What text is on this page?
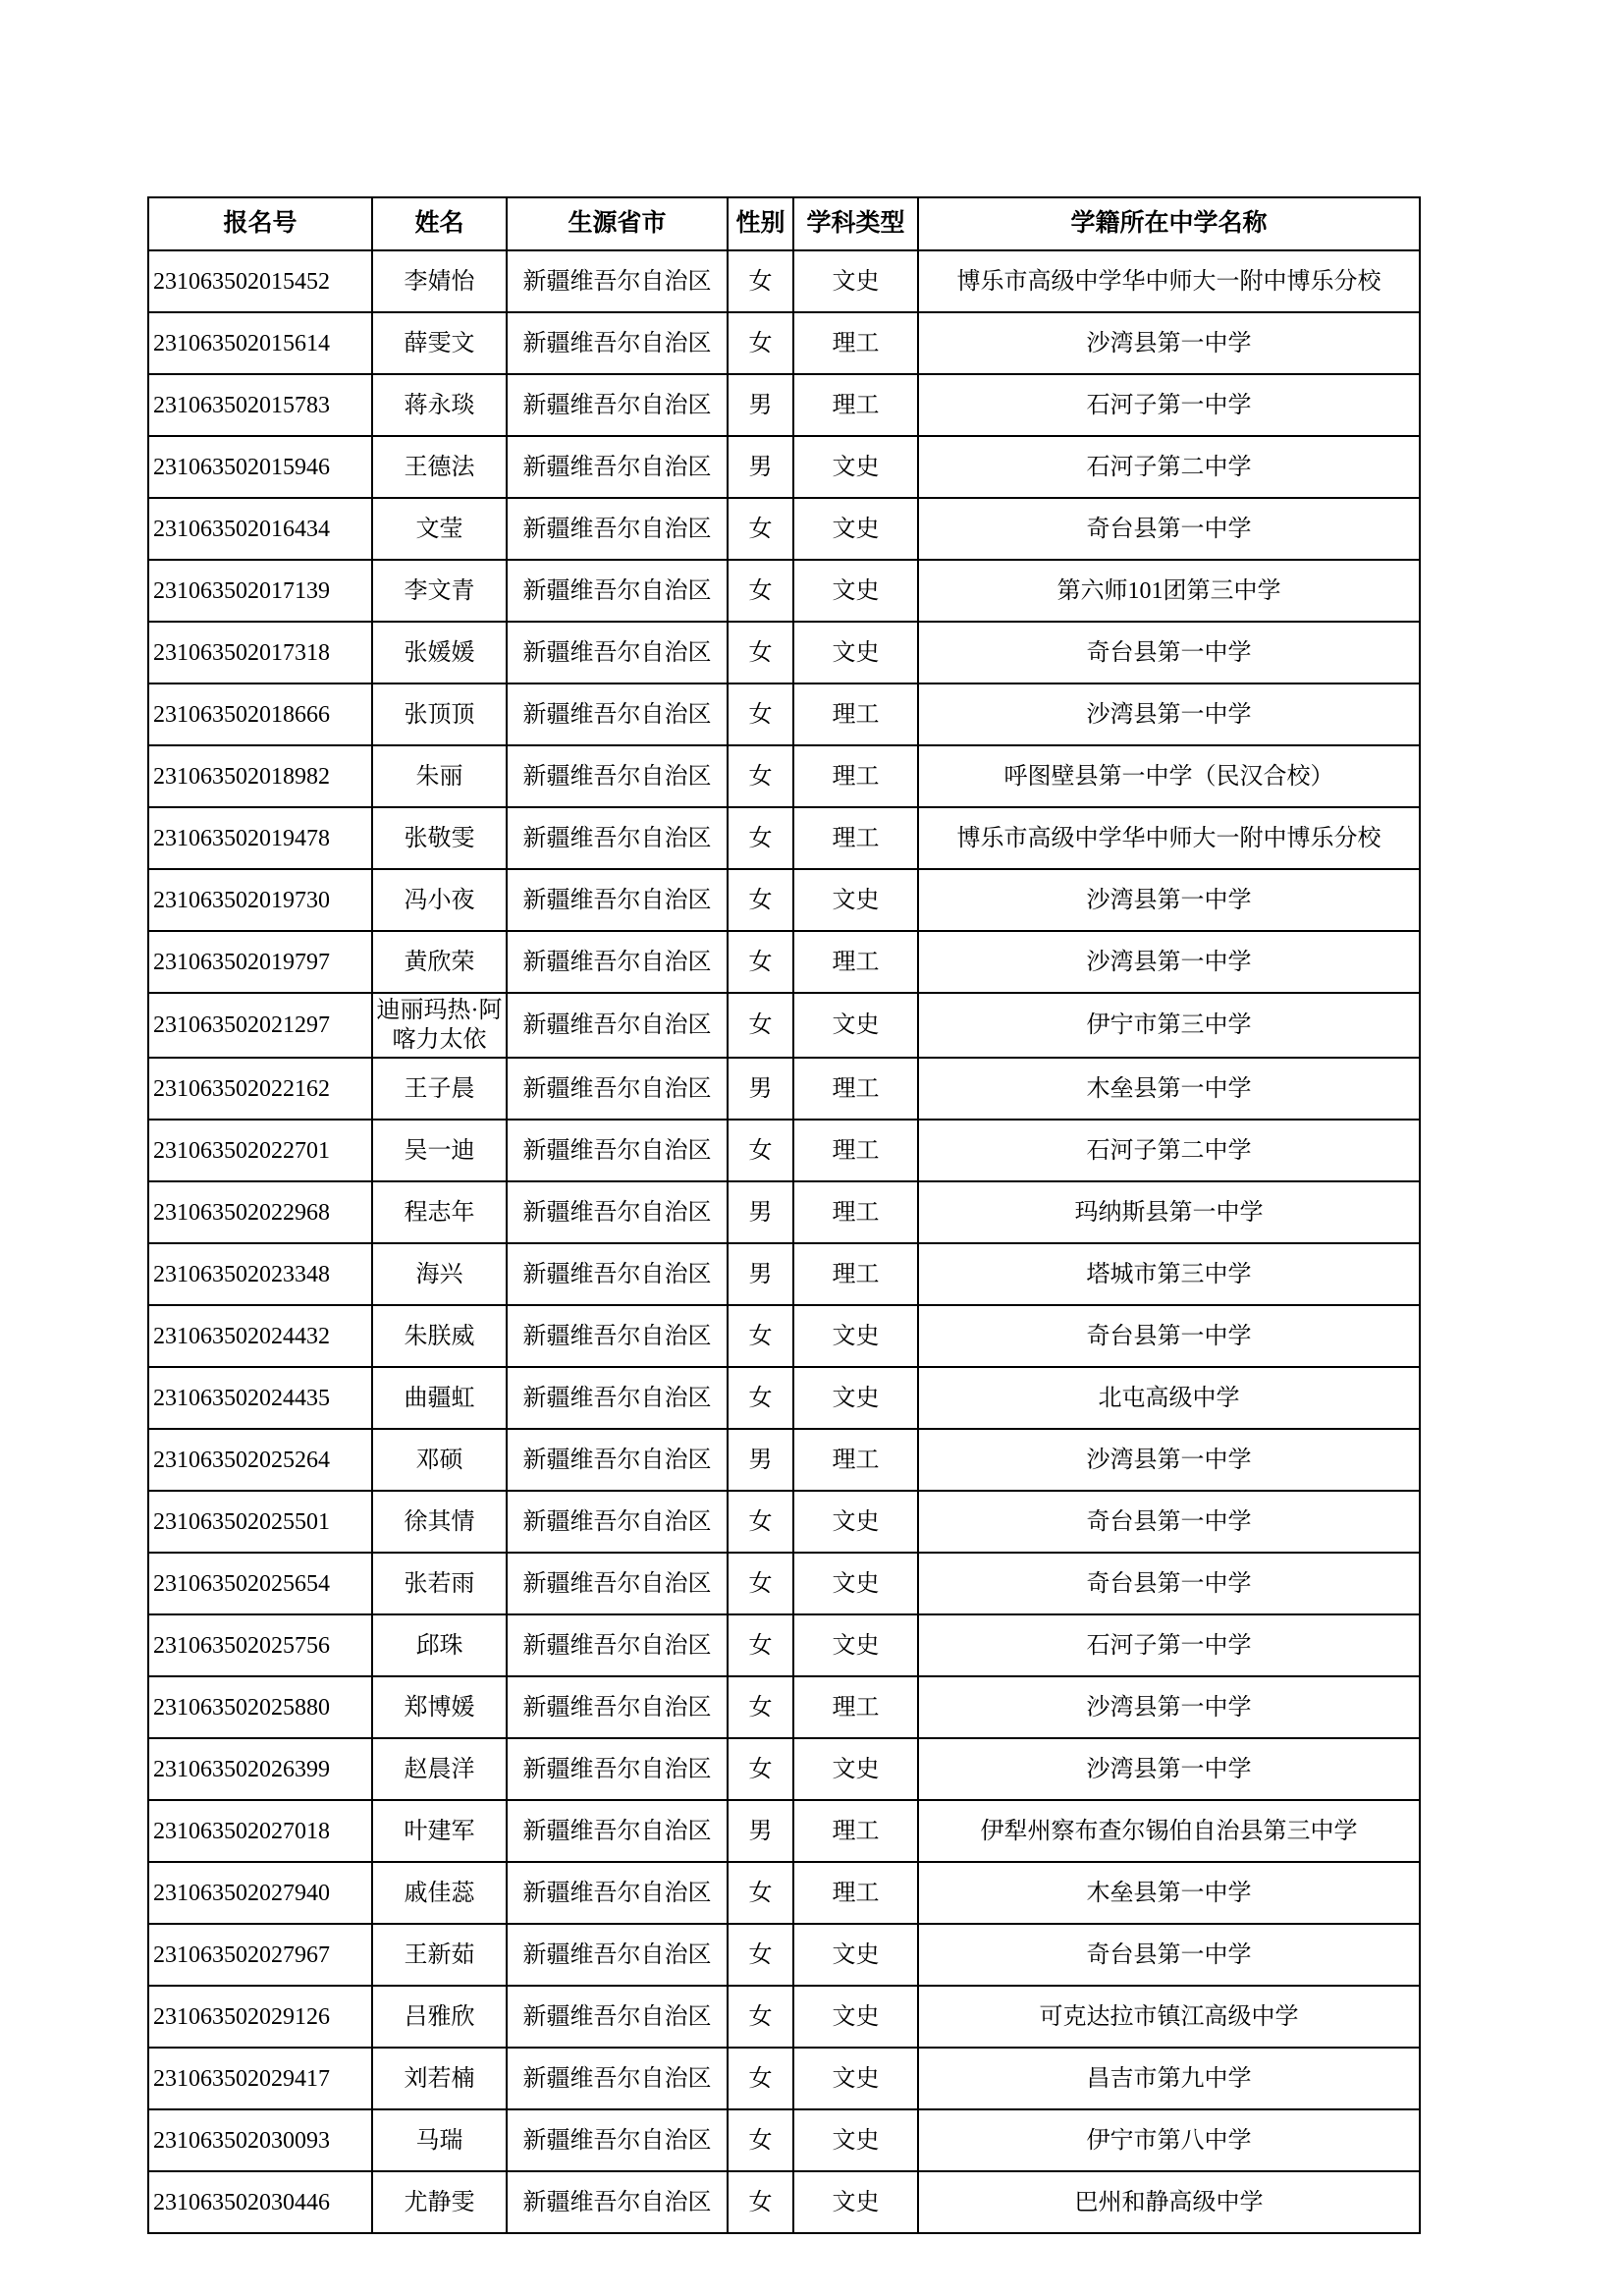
报名号	姓名	生源省市	性别	学科类型	学籍所在中学名称
231063502015452	李婧怡	新疆维吾尔自治区	女	文史	博乐市高级中学华中师大一附中博乐分校
231063502015614	薛雯文	新疆维吾尔自治区	女	理工	沙湾县第一中学
231063502015783	蒋永琰	新疆维吾尔自治区	男	理工	石河子第一中学
231063502015946	王德法	新疆维吾尔自治区	男	文史	石河子第二中学
231063502016434	文莹	新疆维吾尔自治区	女	文史	奇台县第一中学
231063502017139	李文青	新疆维吾尔自治区	女	文史	第六师101团第三中学
231063502017318	张媛媛	新疆维吾尔自治区	女	文史	奇台县第一中学
231063502018666	张顶顶	新疆维吾尔自治区	女	理工	沙湾县第一中学
231063502018982	朱丽	新疆维吾尔自治区	女	理工	呼图壁县第一中学（民汉合校）
231063502019478	张敬雯	新疆维吾尔自治区	女	理工	博乐市高级中学华中师大一附中博乐分校
231063502019730	冯小夜	新疆维吾尔自治区	女	文史	沙湾县第一中学
231063502019797	黄欣荣	新疆维吾尔自治区	女	理工	沙湾县第一中学
231063502021297	迪丽玛热·阿喀力太依	新疆维吾尔自治区	女	文史	伊宁市第三中学
231063502022162	王子晨	新疆维吾尔自治区	男	理工	木垒县第一中学
231063502022701	吴一迪	新疆维吾尔自治区	女	理工	石河子第二中学
231063502022968	程志年	新疆维吾尔自治区	男	理工	玛纳斯县第一中学
231063502023348	海兴	新疆维吾尔自治区	男	理工	塔城市第三中学
231063502024432	朱朕威	新疆维吾尔自治区	女	文史	奇台县第一中学
231063502024435	曲疆虹	新疆维吾尔自治区	女	文史	北屯高级中学
231063502025264	邓硕	新疆维吾尔自治区	男	理工	沙湾县第一中学
231063502025501	徐其情	新疆维吾尔自治区	女	文史	奇台县第一中学
231063502025654	张若雨	新疆维吾尔自治区	女	文史	奇台县第一中学
231063502025756	邱珠	新疆维吾尔自治区	女	文史	石河子第一中学
231063502025880	郑博媛	新疆维吾尔自治区	女	理工	沙湾县第一中学
231063502026399	赵晨洋	新疆维吾尔自治区	女	文史	沙湾县第一中学
231063502027018	叶建军	新疆维吾尔自治区	男	理工	伊犁州察布查尔锡伯自治县第三中学
231063502027940	戚佳蕊	新疆维吾尔自治区	女	理工	木垒县第一中学
231063502027967	王新茹	新疆维吾尔自治区	女	文史	奇台县第一中学
231063502029126	吕雅欣	新疆维吾尔自治区	女	文史	可克达拉市镇江高级中学
231063502029417	刘若楠	新疆维吾尔自治区	女	文史	昌吉市第九中学
231063502030093	马瑞	新疆维吾尔自治区	女	文史	伊宁市第八中学
231063502030446	尤静雯	新疆维吾尔自治区	女	文史	巴州和静高级中学
